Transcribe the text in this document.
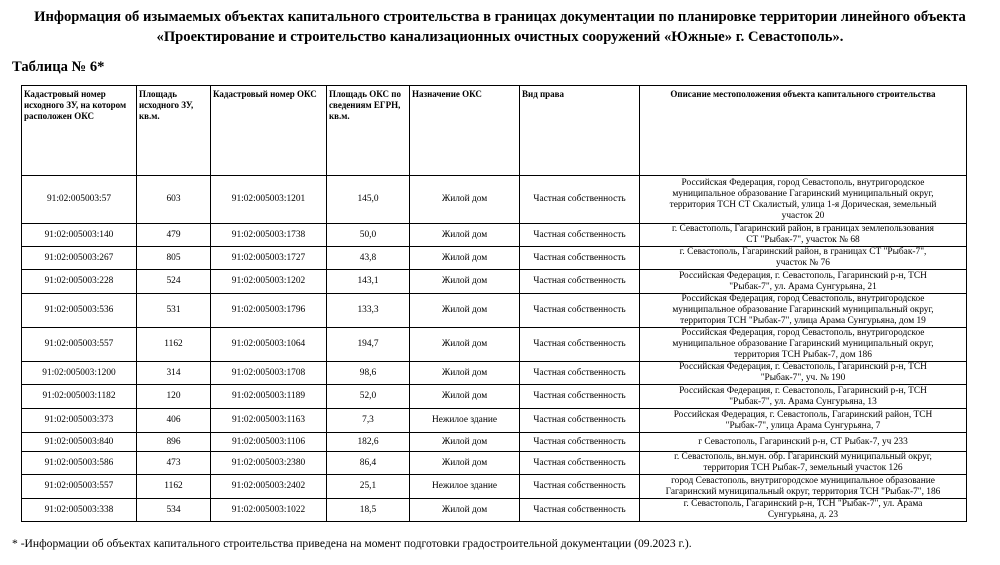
Информация об изымаемых объектах капитального строительства в границах документации по планировке территории линейного объекта «Проектирование и строительство канализационных очистных сооружений «Южные» г. Севастополь».
Таблица № 6*
Кадастровый номер исходного ЗУ, на котором расположен ОКС	Площадь исходного ЗУ, кв.м.	Кадастровый номер ОКС	Площадь ОКС по сведениям ЕГРН, кв.м.	Назначение ОКС	Вид права	Описание местоположения объекта капитального строительства
91:02:005003:57	603	91:02:005003:1201	145,0	Жилой дом	Частная собственность	Российская Федерация, город Севастополь, внутригородское
муниципальное образование Гагаринский муниципальный округ,
территория ТСН СТ Скалистый, улица 1-я Дорическая, земельный
участок 20
91:02:005003:140	479	91:02:005003:1738	50,0	Жилой дом	Частная собственность	г. Севастополь, Гагаринский район, в границах землепользования
СТ "Рыбак-7", участок № 68
91:02:005003:267	805	91:02:005003:1727	43,8	Жилой дом	Частная собственность	г. Севастополь, Гагаринский район, в границах СТ "Рыбак-7",
участок № 76
91:02:005003:228	524	91:02:005003:1202	143,1	Жилой дом	Частная собственность	Российская Федерация, г. Севастополь, Гагаринский р-н, ТСН
"Рыбак-7", ул. Арама Сунгурьяна, 21
91:02:005003:536	531	91:02:005003:1796	133,3	Жилой дом	Частная собственность	Российская Федерация, город Севастополь, внутригородское
муниципальное образование Гагаринский муниципальный округ,
территория ТСН "Рыбак-7", улица Арама Сунгурьяна, дом 19
91:02:005003:557	1162	91:02:005003:1064	194,7	Жилой дом	Частная собственность	Российская Федерация, город Севастополь, внутригородское
муниципальное образование Гагаринский муниципальный округ,
территория ТСН Рыбак-7, дом 186
91:02:005003:1200	314	91:02:005003:1708	98,6	Жилой дом	Частная собственность	Российская Федерация, г. Севастополь, Гагаринский р-н, ТСН
"Рыбак-7", уч. № 190
91:02:005003:1182	120	91:02:005003:1189	52,0	Жилой дом	Частная собственность	Российская Федерация, г. Севастополь, Гагаринский р-н, ТСН
"Рыбак-7", ул. Арама Сунгурьяна, 13
91:02:005003:373	406	91:02:005003:1163	7,3	Нежилое здание	Частная собственность	Российская Федерация, г. Севастополь, Гагаринский район, ТСН
"Рыбак-7", улица Арама Сунгурьяна, 7
91:02:005003:840	896	91:02:005003:1106	182,6	Жилой дом	Частная собственность	г Севастополь, Гагаринский р-н, СТ Рыбак-7, уч 233
91:02:005003:586	473	91:02:005003:2380	86,4	Жилой дом	Частная собственность	г. Севастополь, вн.мун. обр. Гагаринский муниципальный округ,
территория ТСН Рыбак-7, земельный участок 126
91:02:005003:557	1162	91:02:005003:2402	25,1	Нежилое здание	Частная собственность	город Севастополь, внутригородское муниципальное образование
Гагаринский муниципальный округ, территория ТСН "Рыбак-7", 186
91:02:005003:338	534	91:02:005003:1022	18,5	Жилой дом	Частная собственность	г. Севастополь, Гагаринский р-н, ТСН "Рыбак-7", ул. Арама
Сунгурьяна, д. 23
* -Информации об объектах капитального строительства приведена на момент подготовки градостроительной документации (09.2023 г.).
